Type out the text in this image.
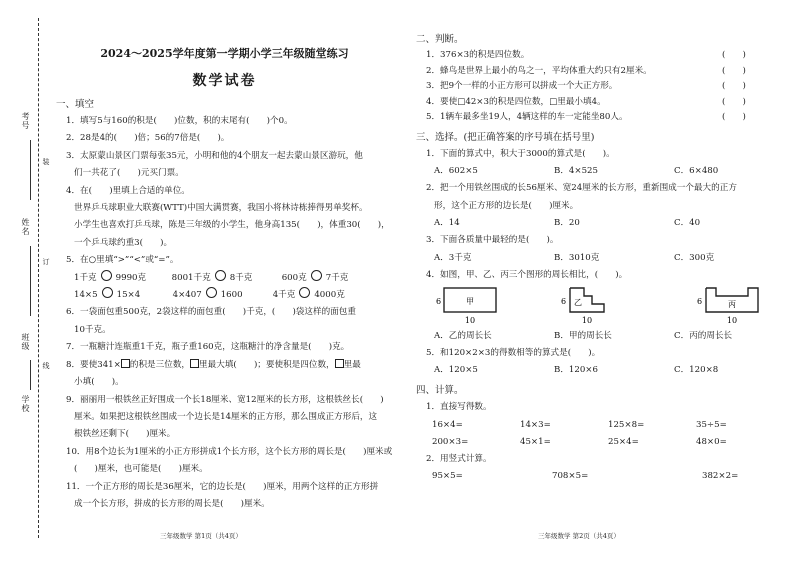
考号
姓名
班级
学校
装
订
线
2024～2025学年度第一学期小学三年级随堂练习
数学试卷
一、填空
1．填写5与160的积是(　　)位数，积的末尾有(　　)个0。
2．28是4的(　　)倍；56的7倍是(　　)。
3．太原蒙山景区门票每张35元，小明和他的4个朋友一起去蒙山景区游玩，他
们一共花了(　　)元买门票。
4．在(　　)里填上合适的单位。
世界乒乓球职业大联赛(WTT)中国大满贯赛，我国小将林诗栋捧得男单奖杯。
小学生也喜欢打乒乓球，陈是三年级的小学生，他身高135(　　)，体重30(　　)，
一个乒乓球约重3(　　)。
5．在○里填“>”“<”或“=”。
1千克 9990克	8001千克 8千克	600克 7千克
14×5 15×4	4×407 1600	4千克 4000克
6．一袋面包重500克，2袋这样的面包重(　　)千克，(　　)袋这样的面包重
10千克。
7．一瓶糖汁连瓶重1千克，瓶子重160克，这瓶糖汁的净含量是(　　)克。
8．要使341× 的积是三位数， 里最大填(　　)；要使积是四位数， 里最
小填(　　)。
9．丽丽用一根铁丝正好围成一个长18厘米、宽12厘米的长方形，这根铁丝长(　　)
厘米。如果把这根铁丝围成一个边长是14厘米的正方形，那么围成正方形后，这
根铁丝还剩下(　　)厘米。
10．用8个边长为1厘米的小正方形拼成1个长方形，这个长方形的周长是(　　)厘米或
(　　)厘米，也可能是(　　)厘米。
11．一个正方形的周长是36厘米，它的边长是(　　)厘米，用两个这样的正方形拼
成一个长方形，拼成的长方形的周长是(　　)厘米。
三年级数学 第1页（共4页）
二、判断。
1．376×3的积是四位数。	(　　)
2．蜂鸟是世界上最小的鸟之一，平均体重大约只有2厘米。	(　　)
3．把9个一样的小正方形可以拼成一个大正方形。	(　　)
4．要使□42×3的积是四位数，□里最小填4。	(　　)
5．1辆车最多坐19人，4辆这样的车一定能坐80人。	(　　)
三、选择。(把正确答案的序号填在括号里)
1．下面的算式中，积大于3000的算式是(　　)。
A．602×5	B．4×525	C．6×480
2．把一个用铁丝围成的长56厘米、宽24厘米的长方形，重新围成一个最大的正方
形，这个正方形的边长是(　　)厘米。
A．14	B．20	C．40
3．下面各质量中最轻的是(　　)。
A．3千克	B．3010克	C．300克
4．如图，甲、乙、丙三个图形的周长相比，(　　)。
甲
6
10
乙
6
10
丙
6
10
A．乙的周长长	B．甲的周长长	C．丙的周长长
5．和120×2×3的得数相等的算式是(　　)。
A．120×5	B．120×6	C．120×8
四、计算。
1．直接写得数。
16×4=	14×3=	125×8=	35÷5=
200×3=	45×1=	25×4=	48×0=
2．用竖式计算。
95×5=	708×5=	382×2=
三年级数学 第2页（共4页）
